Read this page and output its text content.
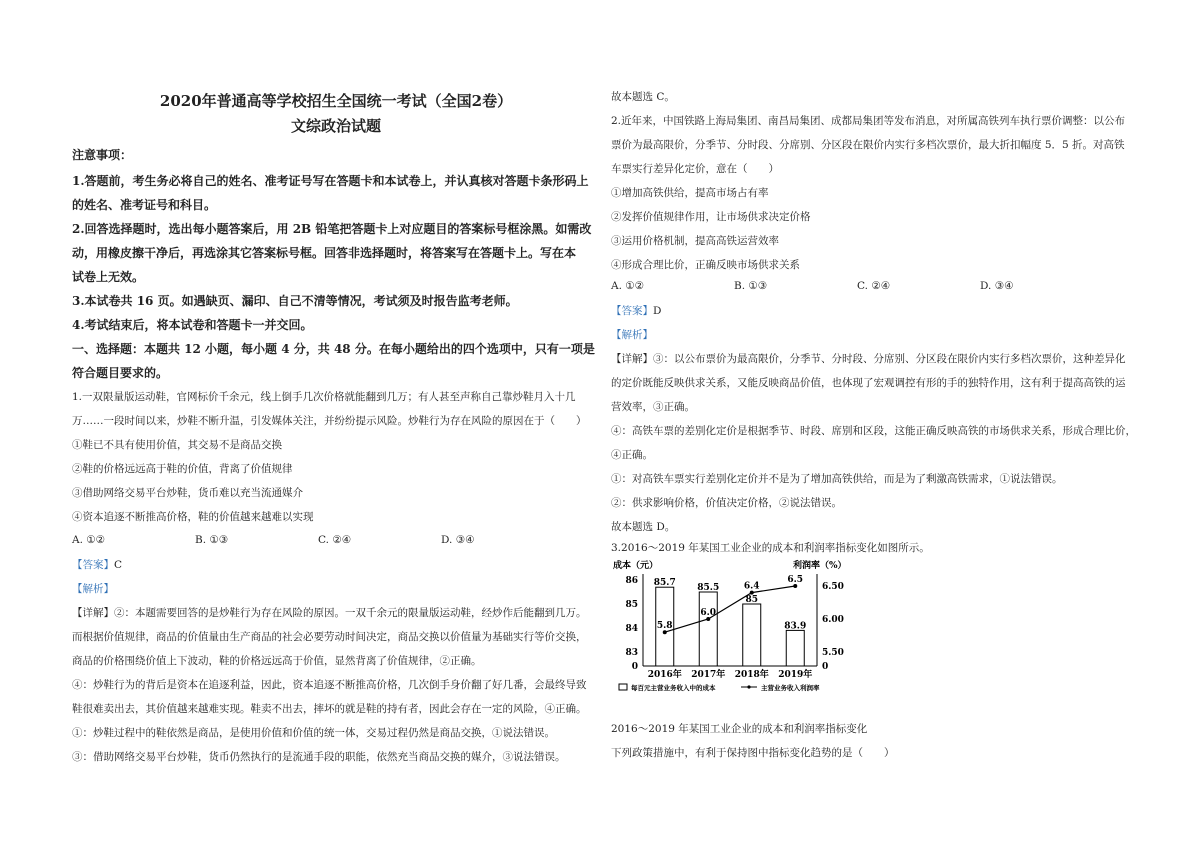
2020年普通高等学校招生全国统一考试（全国2卷）
文综政治试题
注意事项：
1.答题前，考生务必将自己的姓名、准考证号写在答题卡和本试卷上，并认真核对答题卡条形码上
的姓名、准考证号和科目。
2.回答选择题时，选出每小题答案后，用 2B 铅笔把答题卡上对应题目的答案标号框涂黑。如需改
动，用橡皮擦干净后，再选涂其它答案标号框。回答非选择题时，将答案写在答题卡上。写在本
试卷上无效。
3.本试卷共 16 页。如遇缺页、漏印、自己不清等情况，考试须及时报告监考老师。
4.考试结束后，将本试卷和答题卡一并交回。
一、选择题：本题共 12 小题，每小题 4 分，共 48 分。在每小题给出的四个选项中，只有一项是
符合题目要求的。
1.一双限量版运动鞋，官网标价千余元，线上倒手几次价格就能翻到几万；有人甚至声称自己靠炒鞋月入十几
万……一段时间以来，炒鞋不断升温，引发媒体关注，并纷纷提示风险。炒鞋行为存在风险的原因在于（　　）
①鞋已不具有使用价值，其交易不是商品交换
②鞋的价格远远高于鞋的价值，背离了价值规律
③借助网络交易平台炒鞋，货币难以充当流通媒介
④资本追逐不断推高价格，鞋的价值越来越难以实现
A. ①②	B. ①③	C. ②④	D. ③④
【答案】C
【解析】
【详解】②：本题需要回答的是炒鞋行为存在风险的原因。一双千余元的限量版运动鞋，经炒作后能翻到几万。
而根据价值规律，商品的价值量由生产商品的社会必要劳动时间决定，商品交换以价值量为基础实行等价交换，
商品的价格围绕价值上下波动，鞋的价格远远高于价值，显然背离了价值规律，②正确。
④：炒鞋行为的背后是资本在追逐利益，因此，资本追逐不断推高价格，几次倒手身价翻了好几番，会最终导致
鞋很难卖出去，其价值越来越难实现。鞋卖不出去，摔坏的就是鞋的持有者，因此会存在一定的风险，④正确。
①：炒鞋过程中的鞋依然是商品，是使用价值和价值的统一体，交易过程仍然是商品交换，①说法错误。
③：借助网络交易平台炒鞋，货币仍然执行的是流通手段的职能，依然充当商品交换的媒介，③说法错误。
故本题选 C。
2.近年来，中国铁路上海局集团、南昌局集团、成都局集团等发布消息，对所属高铁列车执行票价调整：以公布
票价为最高限价，分季节、分时段、分席别、分区段在限价内实行多档次票价，最大折扣幅度 5．5 折。对高铁
车票实行差异化定价，意在（　　）
①增加高铁供给，提高市场占有率
②发挥价值规律作用，让市场供求决定价格
③运用价格机制，提高高铁运营效率
④形成合理比价，正确反映市场供求关系
A. ①②	B. ①③	C. ②④	D. ③④
【答案】D
【解析】
【详解】③：以公布票价为最高限价，分季节、分时段、分席别、分区段在限价内实行多档次票价，这种差异化
的定价既能反映供求关系，又能反映商品价值，也体现了宏观调控有形的手的独特作用，这有利于提高高铁的运
营效率，③正确。
④：高铁车票的差别化定价是根据季节、时段、席别和区段，这能正确反映高铁的市场供求关系，形成合理比价，
④正确。
①：对高铁车票实行差别化定价并不是为了增加高铁供给，而是为了剩激高铁需求，①说法错误。
②：供求影响价格，价值决定价格，②说法错误。
故本题选 D。
3.2016～2019 年某国工业企业的成本和利润率指标变化如图所示。
成本（元）	利润率（%）
0
83
84
85
86
0
5.50
6.00
6.50
85.7
2016年
85.5
2017年
85
2018年
83.9
2019年
5.8
6.0
6.4
6.5
每百元主营业务收入中的成本	主营业务收入利润率
2016～2019 年某国工业企业的成本和利润率指标变化
下列政策措施中，有利于保持图中指标变化趋势的是（　　）
